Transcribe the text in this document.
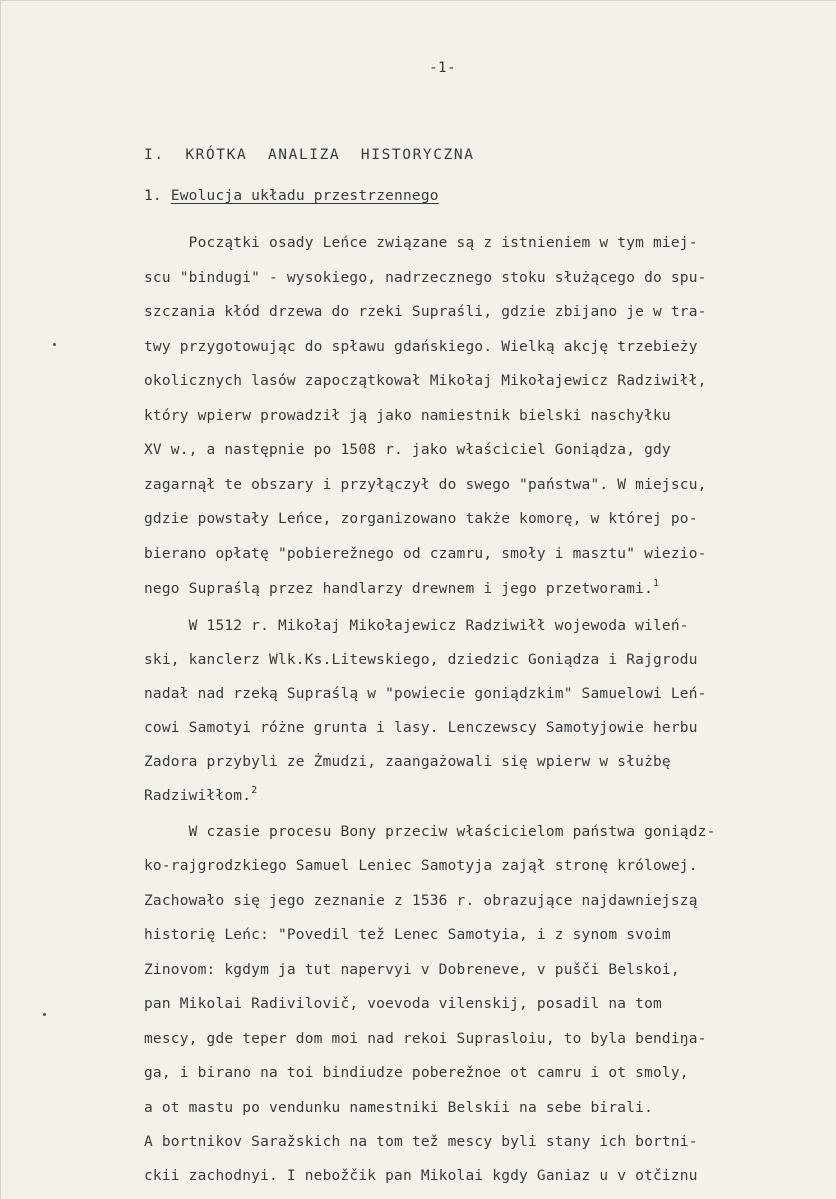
-1-
I.  KRÓTKA  ANALIZA  HISTORYCZNA
1. Ewolucja układu przestrzennego
Początki osady Leńce związane są z istnieniem w tym miej-
scu "bindugi" - wysokiego, nadrzecznego stoku służącego do spu-
szczania kłód drzewa do rzeki Supraśli, gdzie zbijano je w tra-
twy przygotowując do spławu gdańskiego. Wielką akcję trzebieży
okolicznych lasów zapoczątkował Mikołaj Mikołajewicz Radziwiłł,
który wpierw prowadził ją jako namiestnik bielski naschyłku
XV w., a następnie po 1508 r. jako właściciel Goniądza, gdy
zagarnął te obszary i przyłączył do swego "państwa". W miejscu,
gdzie powstały Leńce, zorganizowano także komorę, w której po-
bierano opłatę "pobierežnego od czamru, smoły i masztu" wiezio-
nego Supraślą przez handlarzy drewnem i jego przetworami.$^1$
W 1512 r. Mikołaj Mikołajewicz Radziwiłł wojewoda wileń-
ski, kanclerz Wlk.Ks.Litewskiego, dziedzic Goniądza i Rajgrodu
nadał nad rzeką Supraślą w "powiecie goniądzkim" Samuelowi Leń-
cowi Samotyi różne grunta i lasy. Lenczewscy Samotyjowie herbu
Zadora przybyli ze Żmudzi, zaangażowali się wpierw w służbę
Radziwiłłom.$^2$
W czasie procesu Bony przeciw właścicielom państwa goniądz-
ko-rajgrodzkiego Samuel Leniec Samotyja zajął stronę królowej.
Zachowało się jego zeznanie z 1536 r. obrazujące najdawniejszą
historię Leńc: "Povedil tež Lenec Samotyia, i z synom svoim
Zinovom: kgdym ja tut napervyi v Dobreneve, v pušči Belskoi,
pan Mikolai Radivilovič, voevoda vilenskij, posadil na tom
mescy, gde teper dom moi nad rekoi Suprasloiu, to byla bendiŋa-
ga, i birano na toi bindiudze poberežnoe ot camru i ot smoly,
a ot mastu po vendunku namestniki Belskii na sebe birali.
A bortnikov Saražskich na tom tež mescy byli stany ich bortni-
ckii zachodnyi. I nebožčik pan Mikolai kgdy Ganiaz u v otčiznu
